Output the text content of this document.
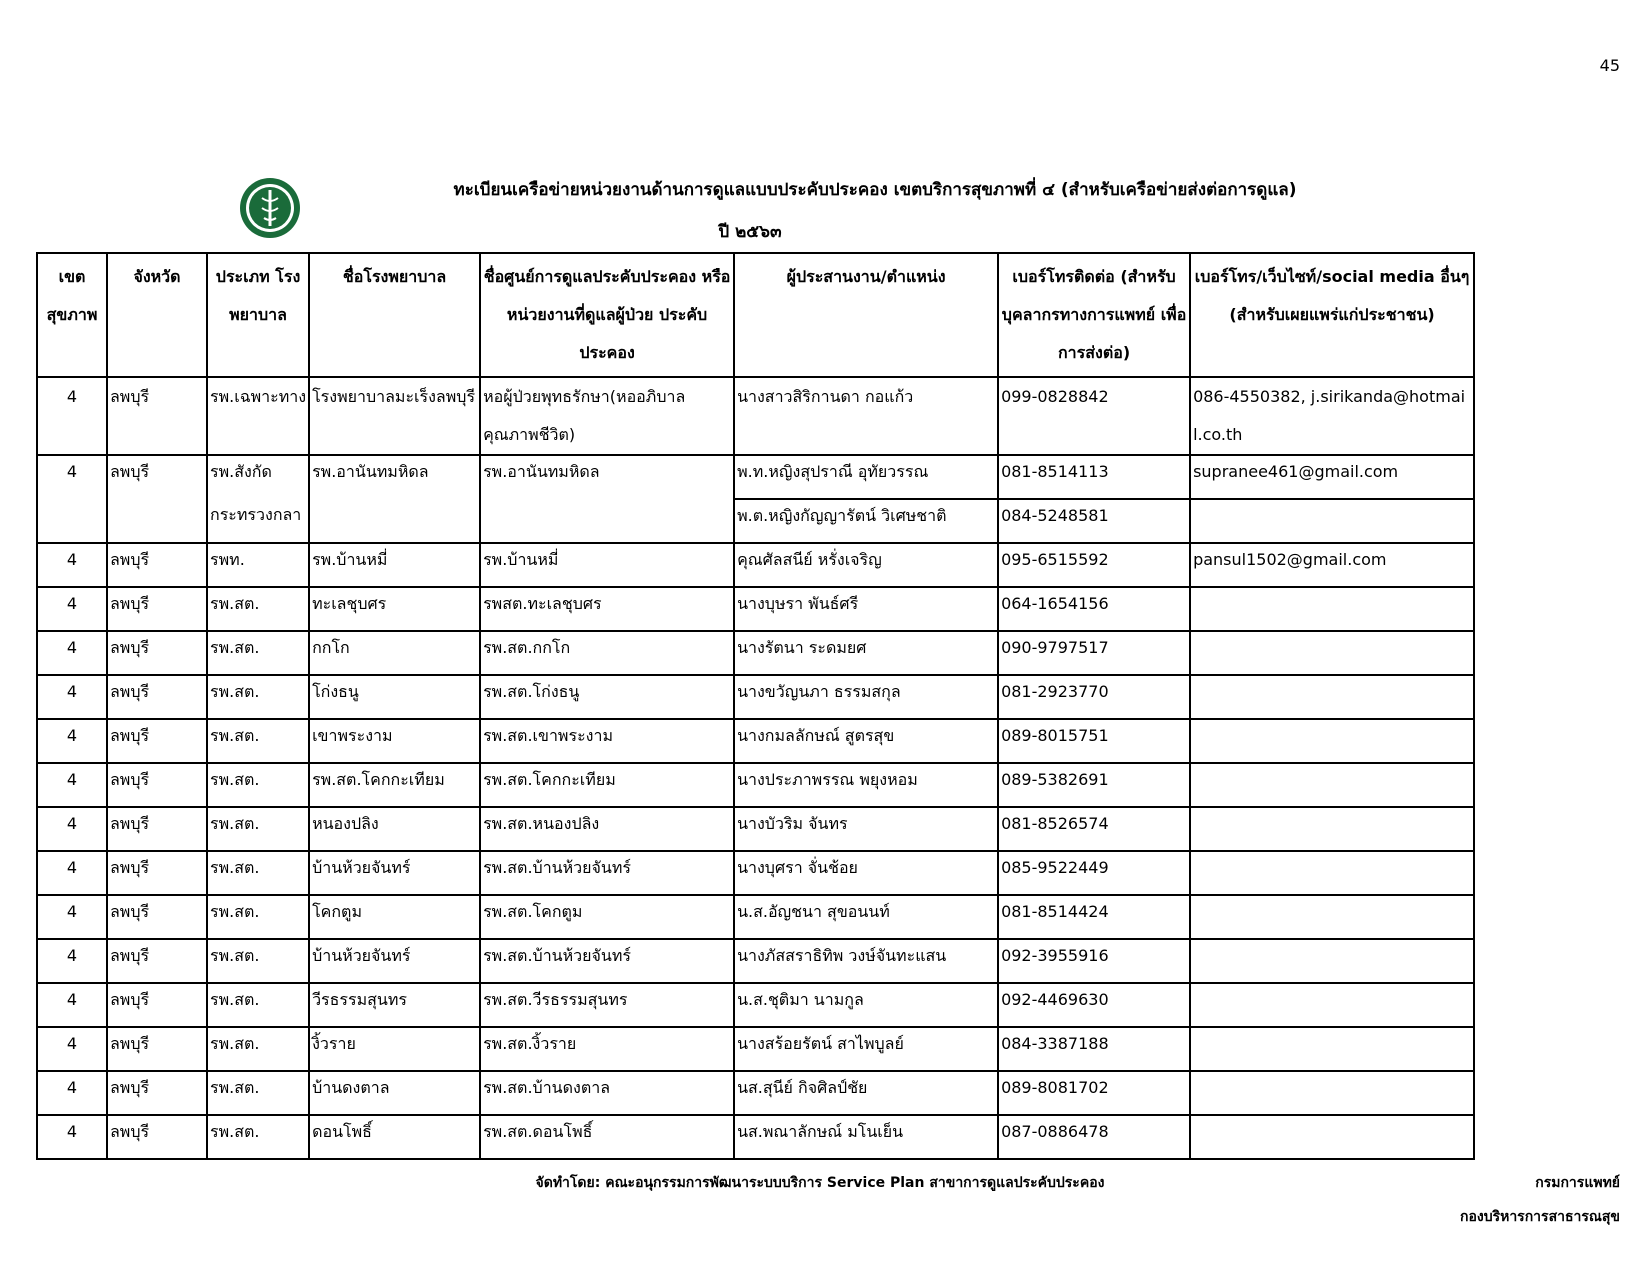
45
ทะเบียนเครือข่ายหน่วยงานด้านการดูแลแบบประคับประคอง เขตบริการสุขภาพที่ ๔ (สำหรับเครือข่ายส่งต่อการดูแล)
ปี ๒๕๖๓
เขต สุขภาพ	จังหวัด	ประเภท โรงพยาบาล	ชื่อโรงพยาบาล	ชื่อศูนย์การดูแลประคับประคอง หรือ หน่วยงานที่ดูแลผู้ป่วย ประคับประคอง	ผู้ประสานงาน/ตำแหน่ง	เบอร์โทรติดต่อ (สำหรับ บุคลากรทางการแพทย์ เพื่อการส่งต่อ)	เบอร์โทร/เว็บไซท์/social media อื่นๆ (สำหรับเผยแพร่แก่ประชาชน)
4	ลพบุรี	รพ.เฉพาะทาง	โรงพยาบาลมะเร็งลพบุรี	หอผู้ป่วยพุทธรักษา(หออภิบาล คุณภาพชีวิต)	นางสาวสิริกานดา กอแก้ว	099-0828842	086-4550382, j.sirikanda@hotmail.co.th
4	ลพบุรี	รพ.สังกัด	รพ.อานันทมหิดล	รพ.อานันทมหิดล	พ.ท.หญิงสุปราณี อุทัยวรรณ	081-8514113	supranee461@gmail.com
		กระทรวงกลา			พ.ต.หญิงกัญญารัตน์ วิเศษชาติ	084-5248581	
4	ลพบุรี	รพท.	รพ.บ้านหมี่	รพ.บ้านหมี่	คุณศัลสนีย์ หรั่งเจริญ	095-6515592	pansul1502@gmail.com
4	ลพบุรี	รพ.สต.	ทะเลชุบศร	รพสต.ทะเลชุบศร	นางบุษรา พันธ์ศรี	064-1654156	
4	ลพบุรี	รพ.สต.	กกโก	รพ.สต.กกโก	นางรัตนา ระดมยศ	090-9797517	
4	ลพบุรี	รพ.สต.	โก่งธนู	รพ.สต.โก่งธนู	นางขวัญนภา ธรรมสกุล	081-2923770	
4	ลพบุรี	รพ.สต.	เขาพระงาม	รพ.สต.เขาพระงาม	นางกมลลักษณ์ สูตรสุข	089-8015751	
4	ลพบุรี	รพ.สต.	รพ.สต.โคกกะเทียม	รพ.สต.โคกกะเทียม	นางประภาพรรณ พยุงหอม	089-5382691	
4	ลพบุรี	รพ.สต.	หนองปลิง	รพ.สต.หนองปลิง	นางบัวริม จันทร	081-8526574	
4	ลพบุรี	รพ.สต.	บ้านห้วยจันทร์	รพ.สต.บ้านห้วยจันทร์	นางบุศรา จั่นช้อย	085-9522449	
4	ลพบุรี	รพ.สต.	โคกตูม	รพ.สต.โคกตูม	น.ส.อัญชนา สุขอนนท์	081-8514424	
4	ลพบุรี	รพ.สต.	บ้านห้วยจันทร์	รพ.สต.บ้านห้วยจันทร์	นางภัสสราธิทิพ วงษ์จันทะแสน	092-3955916	
4	ลพบุรี	รพ.สต.	วีรธรรมสุนทร	รพ.สต.วีรธรรมสุนทร	น.ส.ชุติมา นามกูล	092-4469630	
4	ลพบุรี	รพ.สต.	งิ้วราย	รพ.สต.งิ้วราย	นางสร้อยรัตน์ สาไพบูลย์	084-3387188	
4	ลพบุรี	รพ.สต.	บ้านดงตาล	รพ.สต.บ้านดงตาล	นส.สุนีย์ กิจศิลป์ชัย	089-8081702	
4	ลพบุรี	รพ.สต.	ดอนโพธิ์	รพ.สต.ดอนโพธิ์	นส.พณาลักษณ์ มโนเย็น	087-0886478	
จัดทำโดย: คณะอนุกรรมการพัฒนาระบบบริการ Service Plan สาขาการดูแลประคับประคอง	กรมการแพทย์
กองบริหารการสาธารณสุข
